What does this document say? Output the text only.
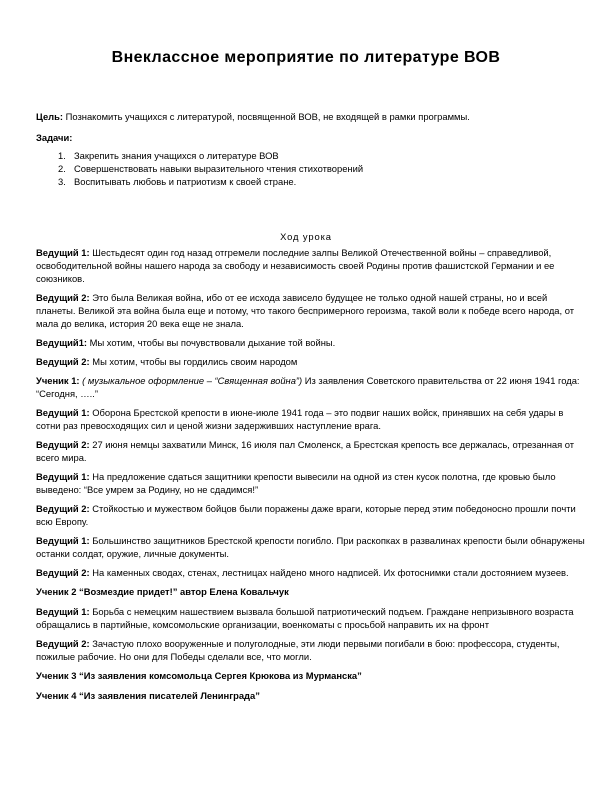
Внеклассное мероприятие по литературе ВОВ
Цель: Познакомить учащихся с литературой, посвященной ВОВ, не входящей в рамки программы.
Задачи:
1. Закрепить знания учащихся о литературе ВОВ
2. Совершенствовать навыки выразительного чтения стихотворений
3. Воспитывать любовь и патриотизм к своей стране.
Ход урока

Ведущий 1: Шестьдесят один год назад отгремели последние залпы Великой Отечественной войны – справедливой, освободительной войны нашего народа за свободу и независимость своей Родины против фашистской Германии и ее союзников.

Ведущий 2: Это была Великая война, ибо от ее исхода зависело будущее не только одной нашей страны, но и всей планеты. Великой эта война была еще и потому, что такого беспримерного героизма, такой воли к победе всего народа, от мала до велика, история 20 века еще не знала.

Ведущий1: Мы хотим, чтобы вы почувствовали дыхание той войны.

Ведущий 2: Мы хотим, чтобы вы гордились своим народом

Ученик 1: ( музыкальное оформление – “Священная война”) Из заявления Советского правительства от 22 июня 1941 года: “Сегодня, …..”

Ведущий 1: Оборона Брестской крепости в июне-июле 1941 года – это подвиг наших войск, принявших на себя удары в сотни раз превосходящих сил и ценой жизни задерживших наступление врага.

Ведущий 2: 27 июня немцы захватили Минск, 16 июля пал Смоленск, а Брестская крепость все держалась, отрезанная от всего мира.

Ведущий 1: На предложение сдаться защитники крепости вывесили на одной из стен кусок полотна, где кровью было выведено: “Все умрем за Родину, но не сдадимся!”

Ведущий 2: Стойкостью и мужеством бойцов были поражены даже враги, которые перед этим победоносно прошли почти всю Европу.

Ведущий 1: Большинство защитников Брестской крепости погибло. При раскопках в развалинах крепости были обнаружены останки солдат, оружие, личные документы.

Ведущий 2: На каменных сводах, стенах, лестницах найдено много надписей. Их фотоснимки стали достоянием музеев.

Ученик 2 “Возмездие придет!” автор Елена Ковальчук

Ведущий 1: Борьба с немецким нашествием вызвала большой патриотический подъем. Граждане непризывного возраста обращались в партийные, комсомольские организации, военкоматы с просьбой направить их на фронт

Ведущий 2: Зачастую плохо вооруженные и полуголодные, эти люди первыми погибали в бою: профессора, студенты, пожилые рабочие. Но они для Победы сделали все, что могли.

Ученик 3 “Из заявления комсомольца Сергея Крюкова из Мурманска”

Ученик 4 “Из заявления писателей Ленинграда”
